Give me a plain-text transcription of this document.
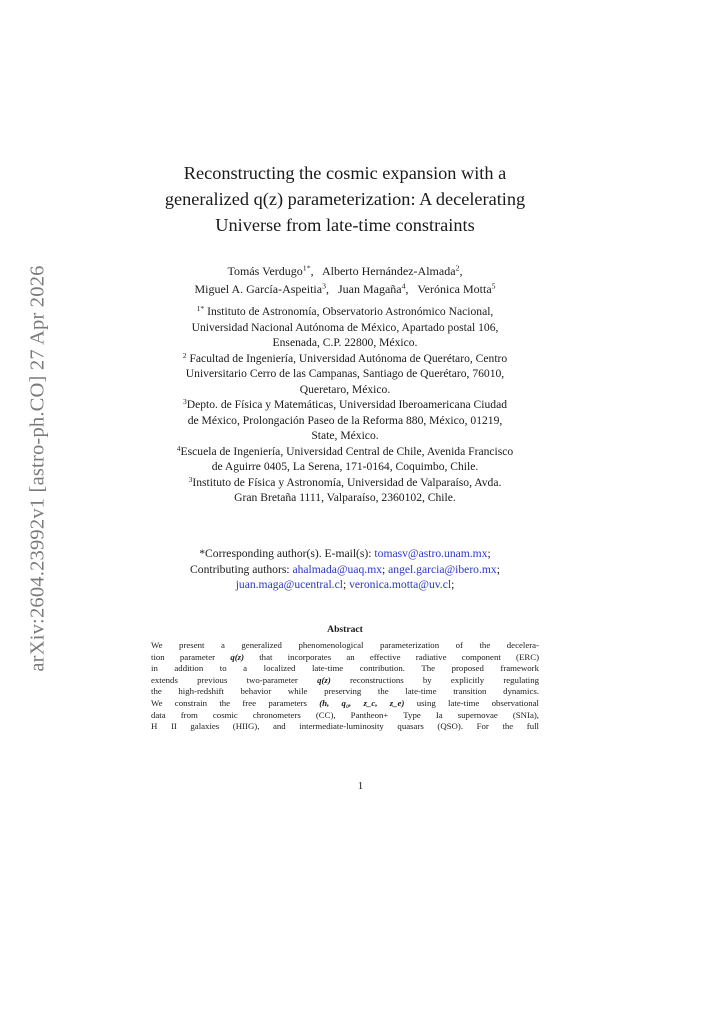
arXiv:2604.23992v1 [astro-ph.CO] 27 Apr 2026
Reconstructing the cosmic expansion with a
generalized q(z) parameterization: A decelerating
Universe from late-time constraints
Tomás Verdugo$^{1*}$,   Alberto Hernández-Almada$^2$,
Miguel A. García-Aspeitia$^3$,   Juan Magaña$^4$,   Verónica Motta$^5$

$^{1*}$ Instituto de Astronomía, Observatorio Astronómico Nacional,
Universidad Nacional Autónoma de México, Apartado postal 106,
Ensenada, C.P. 22800, México.

$^2$ Facultad de Ingeniería, Universidad Autónoma de Querétaro, Centro
Universitario Cerro de las Campanas, Santiago de Querétaro, 76010,
Queretaro, México.

$^3$Depto. de Física y Matemáticas, Universidad Iberoamericana Ciudad
de México, Prolongación Paseo de la Reforma 880, México, 01219,
State, México.

$^4$Escuela de Ingeniería, Universidad Central de Chile, Avenida Francisco
de Aguirre 0405, La Serena, 171-0164, Coquimbo, Chile.

$^3$Instituto de Física y Astronomía, Universidad de Valparaíso, Avda.
Gran Bretaña 1111, Valparaíso, 2360102, Chile.

*Corresponding author(s). E-mail(s): tomasv@astro.unam.mx;
Contributing authors: ahalmada@uaq.mx; angel.garcia@ibero.mx;
juan.maga@ucentral.cl; veronica.motta@uv.cl;
Abstract
We present a generalized phenomenological parameterization of the decelera-
tion parameter q(z) that incorporates an effective radiative component (ERC)
in addition to a localized late-time contribution. The proposed framework
extends previous two-parameter q(z) reconstructions by explicitly regulating
the high-redshift behavior while preserving the late-time transition dynamics.
We constrain the free parameters (h, q₀, z_c, z_e) using late-time observational
data from cosmic chronometers (CC), Pantheon+ Type Ia supernovae (SNIa),
H II galaxies (HIIG), and intermediate-luminosity quasars (QSO). For the full
1
